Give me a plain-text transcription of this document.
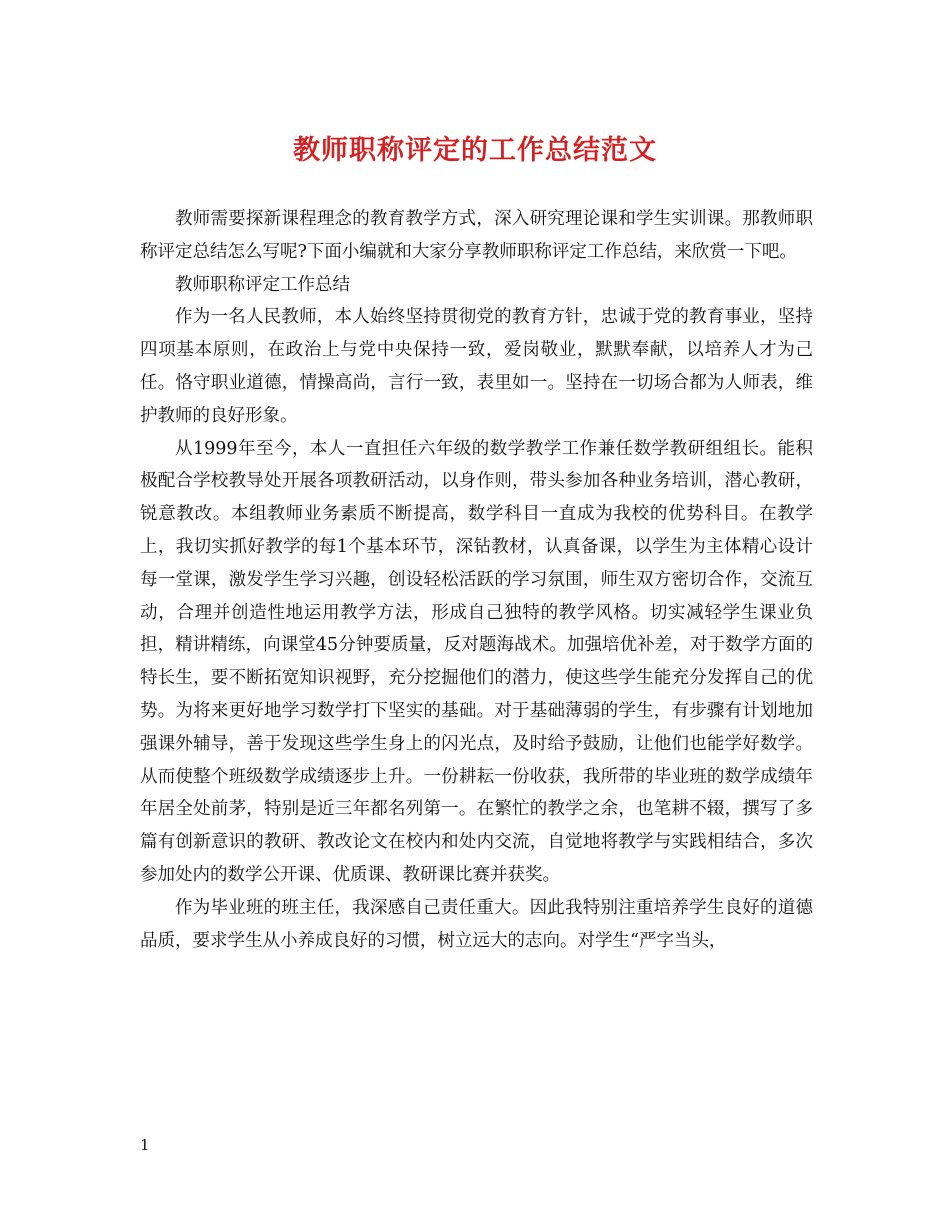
教师职称评定的工作总结范文

教师需要探新课程理念的教育教学方式，深入研究理论课和学生实训课。那教师职称评定总结怎么写呢?下面小编就和大家分享教师职称评定工作总结，来欣赏一下吧。

教师职称评定工作总结

作为一名人民教师，本人始终坚持贯彻党的教育方针，忠诚于党的教育事业，坚持四项基本原则，在政治上与党中央保持一致，爱岗敬业，默默奉献，以培养人才为己任。恪守职业道德，情操高尚，言行一致，表里如一。坚持在一切场合都为人师表，维护教师的良好形象。

从1999年至今，本人一直担任六年级的数学教学工作兼任数学教研组组长。能积极配合学校教导处开展各项教研活动，以身作则，带头参加各种业务培训，潜心教研，锐意教改。本组教师业务素质不断提高，数学科目一直成为我校的优势科目。在教学上，我切实抓好教学的每1个基本环节，深钻教材，认真备课，以学生为主体精心设计每一堂课，激发学生学习兴趣，创设轻松活跃的学习氛围，师生双方密切合作，交流互动，合理并创造性地运用教学方法，形成自己独特的教学风格。切实减轻学生课业负担，精讲精练，向课堂45分钟要质量，反对题海战术。加强培优补差，对于数学方面的特长生，要不断拓宽知识视野，充分挖掘他们的潜力，使这些学生能充分发挥自己的优势。为将来更好地学习数学打下坚实的基础。对于基础薄弱的学生，有步骤有计划地加强课外辅导，善于发现这些学生身上的闪光点，及时给予鼓励，让他们也能学好数学。从而使整个班级数学成绩逐步上升。一份耕耘一份收获，我所带的毕业班的数学成绩年年居全处前茅，特别是近三年都名列第一。在繁忙的教学之余，也笔耕不辍，撰写了多篇有创新意识的教研、教改论文在校内和处内交流，自觉地将教学与实践相结合，多次参加处内的数学公开课、优质课、教研课比赛并获奖。

作为毕业班的班主任，我深感自己责任重大。因此我特别注重培养学生良好的道德品质，要求学生从小养成良好的习惯，树立远大的志向。对学生“严字当头，

1
